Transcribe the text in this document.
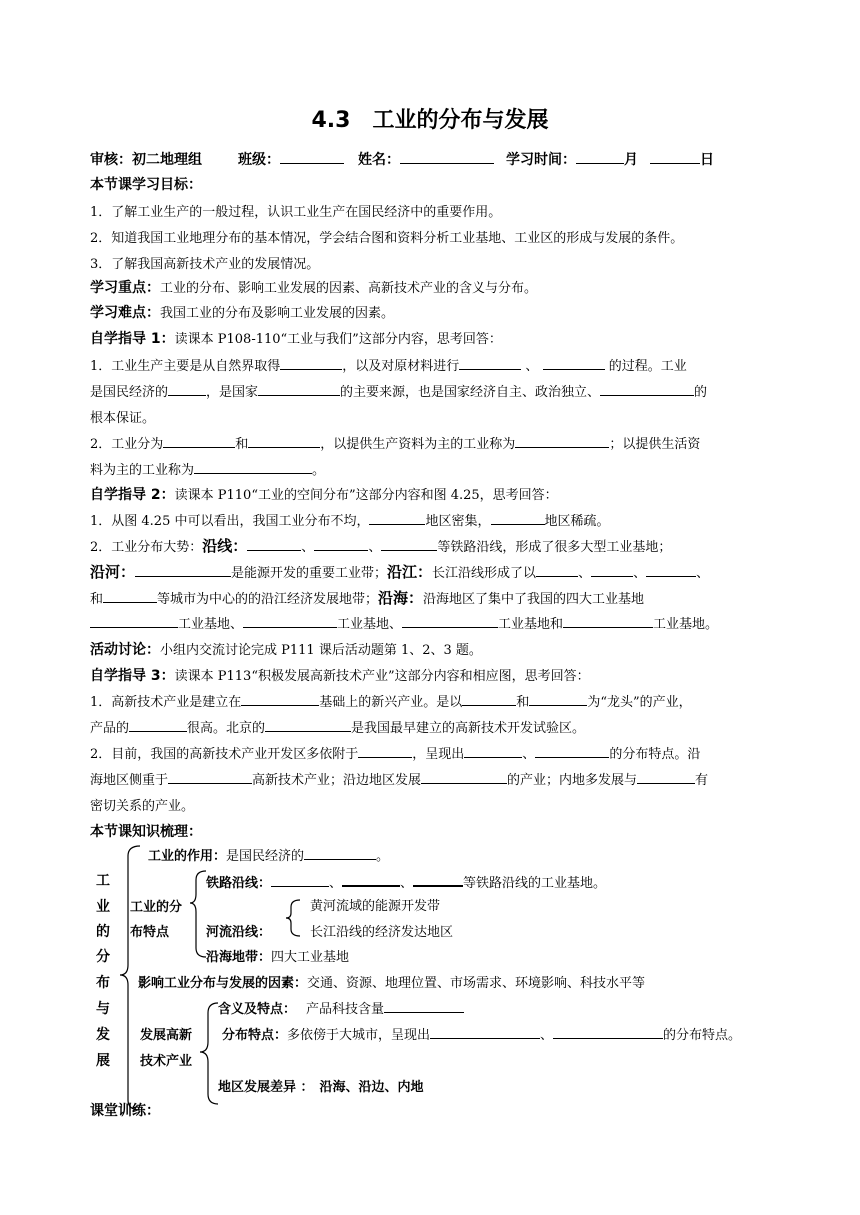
4.3　工业的分布与发展
审核：初二地理组	班级：	姓名：	学习时间：	月	日
本节课学习目标：
1．了解工业生产的一般过程，认识工业生产在国民经济中的重要作用。
2．知道我国工业地理分布的基本情况，学会结合图和资料分析工业基地、工业区的形成与发展的条件。
3．了解我国高新技术产业的发展情况。
学习重点：工业的分布、影响工业发展的因素、高新技术产业的含义与分布。
学习难点：我国工业的分布及影响工业发展的因素。
自学指导 1：读课本 P108-110“工业与我们”这部分内容，思考回答：
1．工业生产主要是从自然界取得	，以及对原材料进行	、	的过程。工业
是国民经济的	，是国家	的主要来源，也是国家经济自主、政治独立、	的
根本保证。
2．工业分为	和	，以提供生产资料为主的工业称为	；以提供生活资
料为主的工业称为	。
自学指导 2：读课本 P110“工业的空间分布”这部分内容和图 4.25，思考回答：
1．从图 4.25 中可以看出，我国工业分布不均，	地区密集，	地区稀疏。
2．工业分布大势：沿线：	、	、	等铁路沿线，形成了很多大型工业基地；
沿河：	是能源开发的重要工业带；沿江：长江沿线形成了以	、	、	、
和	等城市为中心的的沿江经济发展地带；沿海：沿海地区了集中了我国的四大工业基地
工业基地、	工业基地、	工业基地和	工业基地。
活动讨论：小组内交流讨论完成 P111 课后活动题第 1、2、3 题。
自学指导 3：读课本 P113“积极发展高新技术产业”这部分内容和相应图，思考回答：
1．高新技术产业是建立在	基础上的新兴产业。是以	和	为“龙头”的产业，
产品的	很高。北京的	是我国最早建立的高新技术开发试验区。
2．目前，我国的高新技术产业开发区多依附于	，呈现出	、	的分布特点。沿
海地区侧重于	高新技术产业；沿边地区发展	的产业；内地多发展与	有
密切关系的产业。
本节课知识梳理：
工
业
的
分
布
与
发
展
工业的作用：是国民经济的	。
工业的分
布特点
铁路沿线：	、	、	等铁路沿线的工业基地。
河流沿线：
黄河流域的能源开发带
长江沿线的经济发达地区
沿海地带：四大工业基地
影响工业分布与发展的因素：交通、资源、地理位置、市场需求、环境影响、科技水平等
发展高新
技术产业
含义及特点： 产品科技含量
分布特点：多依傍于大城市，呈现出	、	的分布特点。
地区发展差异 ： 沿海、沿边、内地
课堂训练：
